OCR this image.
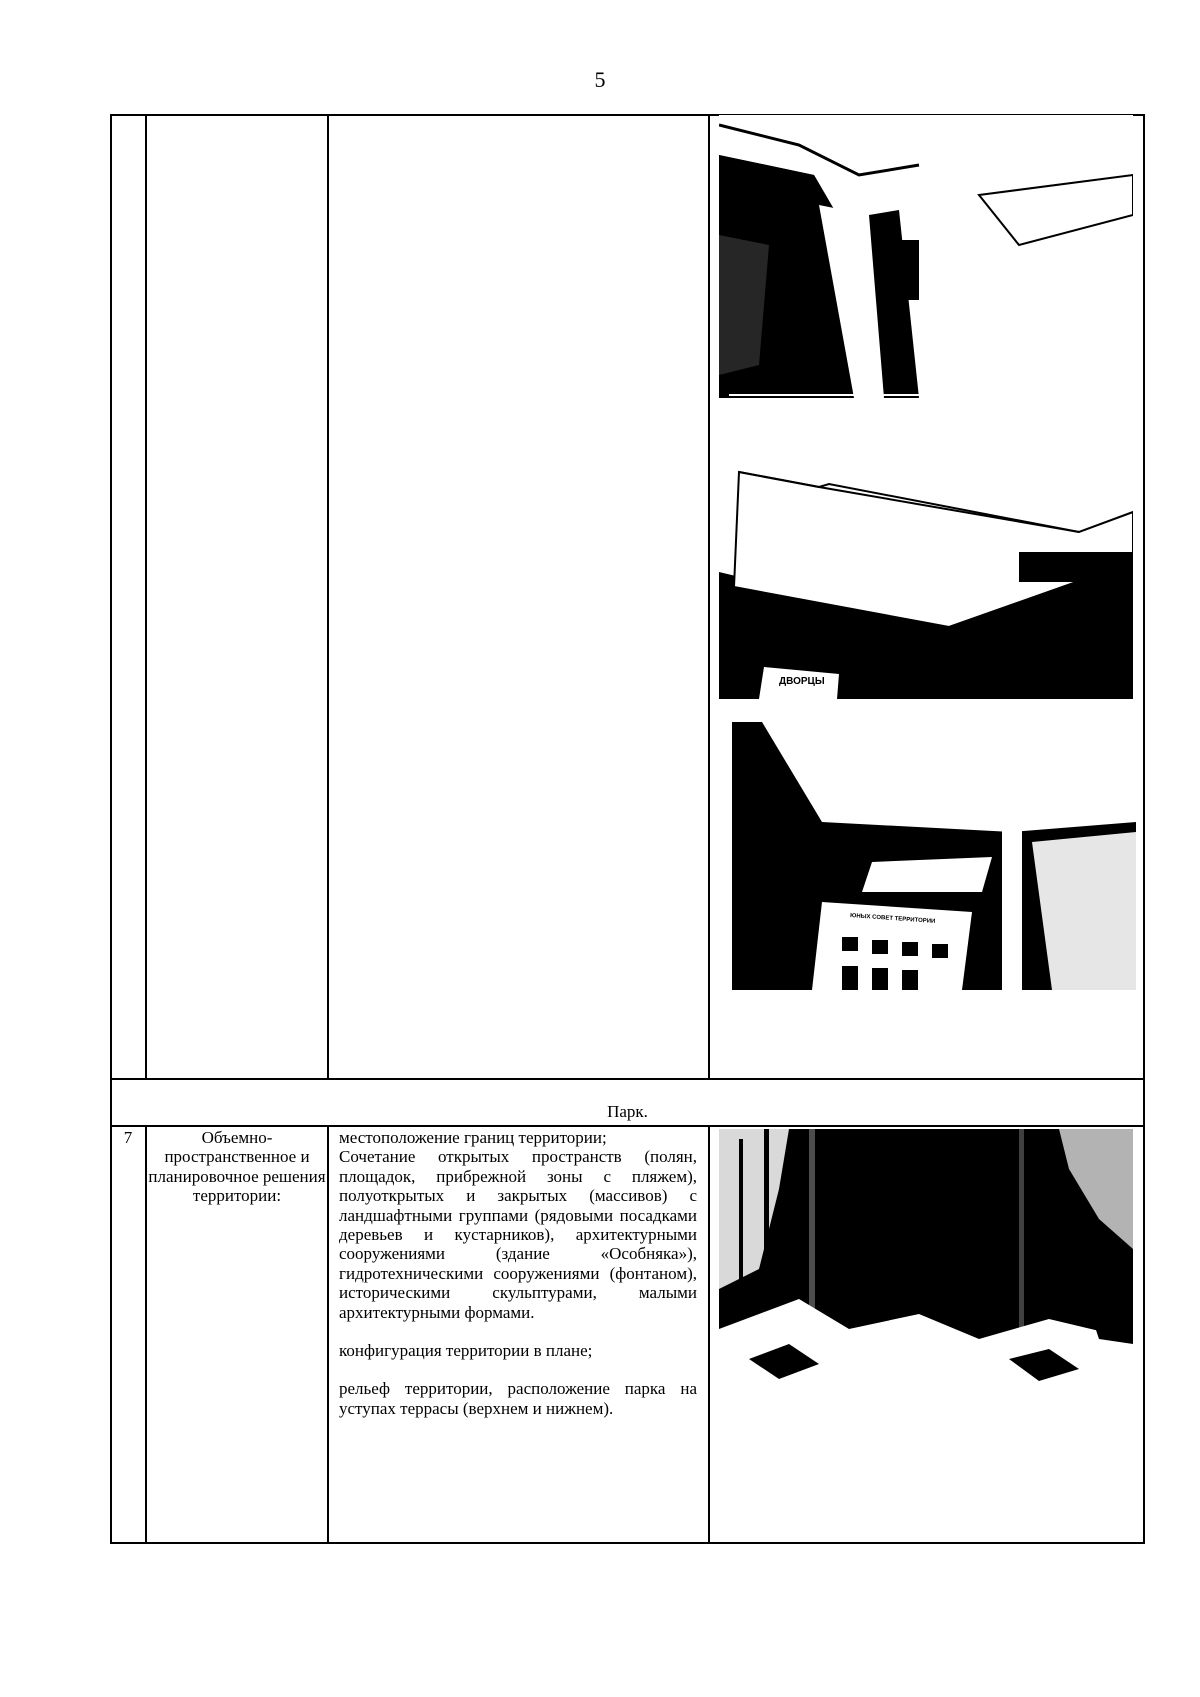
5
Парк.
7	Объемно-пространственное и планировочное решения территории:

местоположение границ территории;

Сочетание открытых пространств (полян, площадок, прибрежной зоны с пляжем), полуоткрытых и закрытых (массивов) с ландшафтными группами (рядовыми посадками деревьев и кустарников), архитектурными сооружениями (здание «Особняка»), гидротехническими сооружениями (фонтаном), историческими скульптурами, малыми архитектурными формами.

конфигурация территории в плане;

рельеф территории, расположение парка на уступах террасы (верхнем и нижнем).

ДВОРЦЫ
ЮНЫХ СОВЕТ ТЕРРИТОРИИ
